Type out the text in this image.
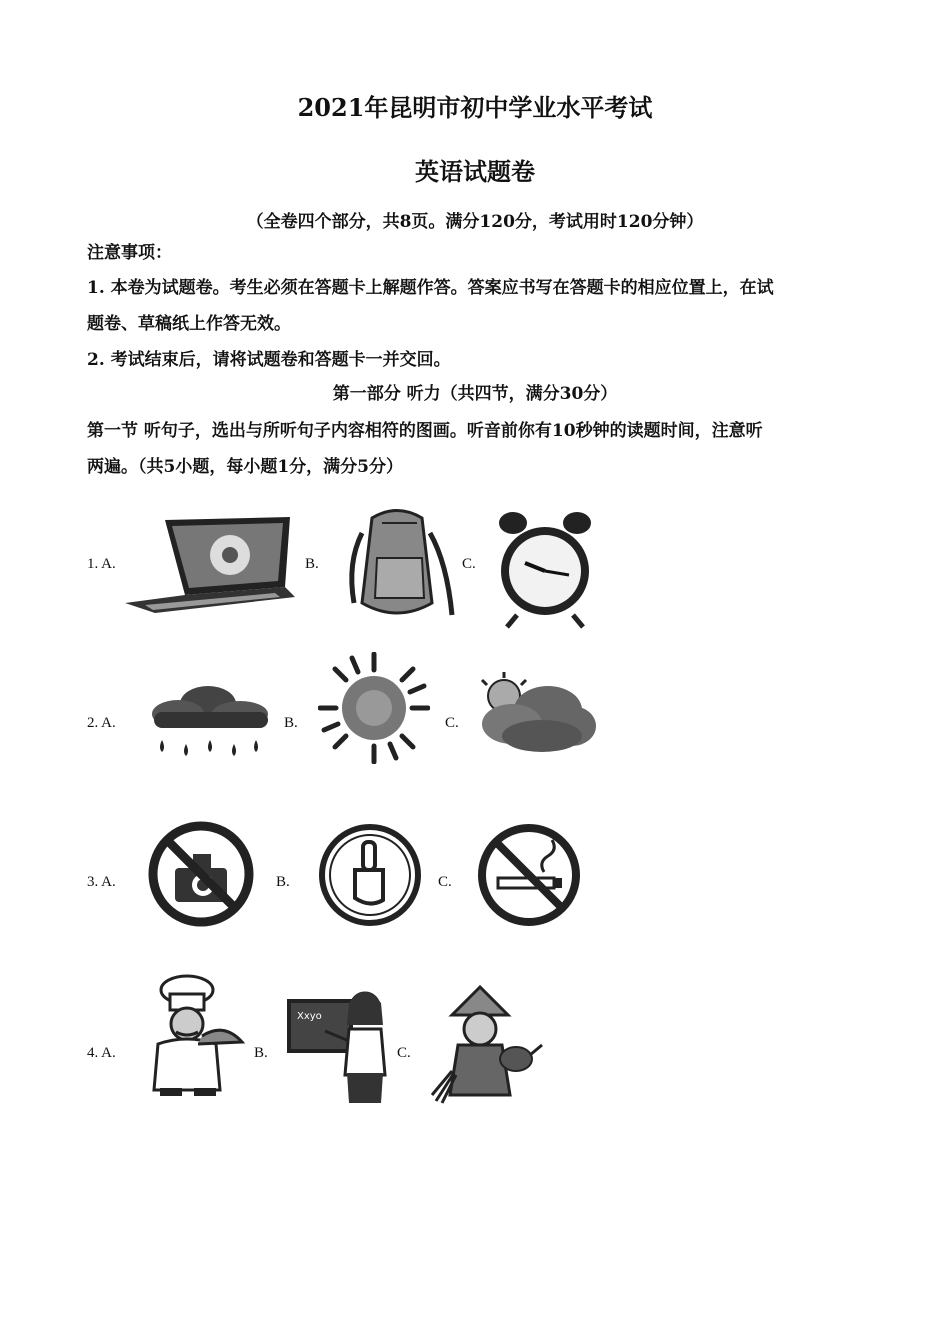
2021年昆明市初中学业水平考试
英语试题卷
（全卷四个部分，共8页。满分120分，考试用时120分钟）
注意事项：
1. 本卷为试题卷。考生必须在答题卡上解题作答。答案应书写在答题卡的相应位置上，在试
题卷、草稿纸上作答无效。
2. 考试结束后，请将试题卷和答题卡一并交回。
第一部分 听力（共四节，满分30分）
第一节 听句子，选出与所听句子内容相符的图画。听音前你有10秒钟的读题时间，注意听
两遍。（共5小题，每小题1分，满分5分）
1. A.	B.	C.
2. A.	B.	C.
3. A.	B.	C.
4. A.	B.
Xxyo
C.
